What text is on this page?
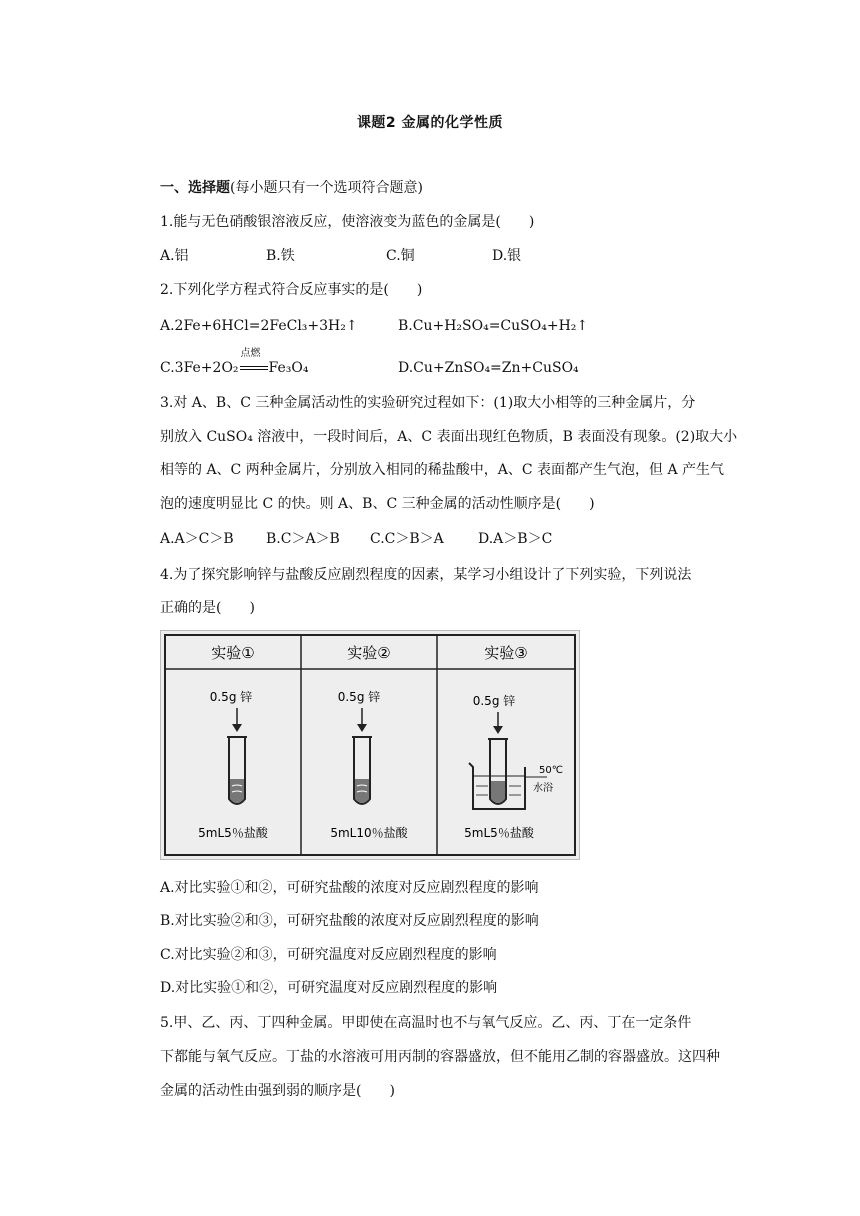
课题2 金属的化学性质
一、选择题(每小题只有一个选项符合题意)
1.能与无色硝酸银溶液反应，使溶液变为蓝色的金属是(　　)
A.铝	B.铁	C.铜	D.银
2.下列化学方程式符合反应事实的是(　　)
A.2Fe+6HCl=2FeCl₃+3H₂↑	B.Cu+H₂SO₄=CuSO₄+H₂↑
C.3Fe+2O₂
点燃
Fe₃O₄	D.Cu+ZnSO₄=Zn+CuSO₄
3.对 A、B、C 三种金属活动性的实验研究过程如下：(1)取大小相等的三种金属片，分
别放入 CuSO₄ 溶液中，一段时间后，A、C 表面出现红色物质，B 表面没有现象。(2)取大小
相等的 A、C 两种金属片，分别放入相同的稀盐酸中，A、C 表面都产生气泡，但 A 产生气
泡的速度明显比 C 的快。则 A、B、C 三种金属的活动性顺序是(　　)
A.A＞C＞B B.C＞A＞B C.C＞B＞A D.A＞B＞C
4.为了探究影响锌与盐酸反应剧烈程度的因素，某学习小组设计了下列实验，下列说法
正确的是(　　)
实验①	实验②	实验③
0.5g 锌
5mL5％盐酸
0.5g 锌
5mL10％盐酸
0.5g 锌
50℃
水浴
5mL5％盐酸
A.对比实验①和②，可研究盐酸的浓度对反应剧烈程度的影响
B.对比实验②和③，可研究盐酸的浓度对反应剧烈程度的影响
C.对比实验②和③，可研究温度对反应剧烈程度的影响
D.对比实验①和②，可研究温度对反应剧烈程度的影响
5.甲、乙、丙、丁四种金属。甲即使在高温时也不与氧气反应。乙、丙、丁在一定条件
下都能与氧气反应。丁盐的水溶液可用丙制的容器盛放，但不能用乙制的容器盛放。这四种
金属的活动性由强到弱的顺序是(　　)
